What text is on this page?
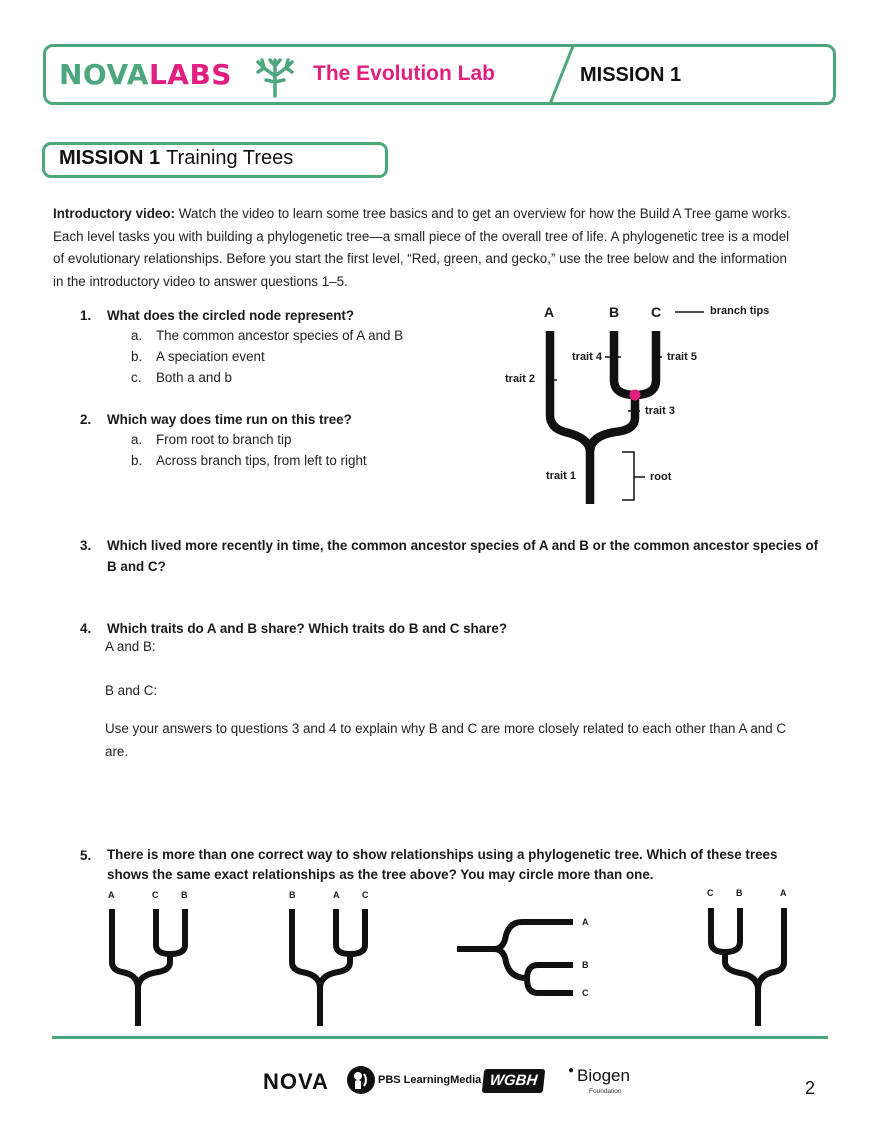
NOVALABS	The Evolution Lab	MISSION 1
MISSION 1 Training Trees

Introductory video: Watch the video to learn some tree basics and to get an overview for how the Build A Tree game works. Each level tasks you with building a phylogenetic tree—a small piece of the overall tree of life. A phylogenetic tree is a model of evolutionary relationships. Before you start the first level, “Red, green, and gecko,” use the tree below and the information in the introductory video to answer questions 1–5.

1. What does the circled node represent?
a. The common ancestor species of A and B
b. A speciation event
c. Both a and b
2. Which way does time run on this tree?
a. From root to branch tip
b. Across branch tips, from left to right
3. Which lived more recently in time, the common ancestor species of A and B or the common ancestor species of B and C?
4. Which traits do A and B share? Which traits do B and C share?
A and B:
B and C:
Use your answers to questions 3 and 4 to explain why B and C are more closely related to each other than A and C are.
5. There is more than one correct way to show relationships using a phylogenetic tree. Which of these trees shows the same exact relationships as the tree above? You may circle more than one.
A	B C	branch tips
trait 1
trait 2
trait 3
trait 4	trait 5
root
A	C	B	B	A	C
A
B
C
C	B	A
NOVA	PBS LearningMedia WGBH
● Biogen
Foundation	2
